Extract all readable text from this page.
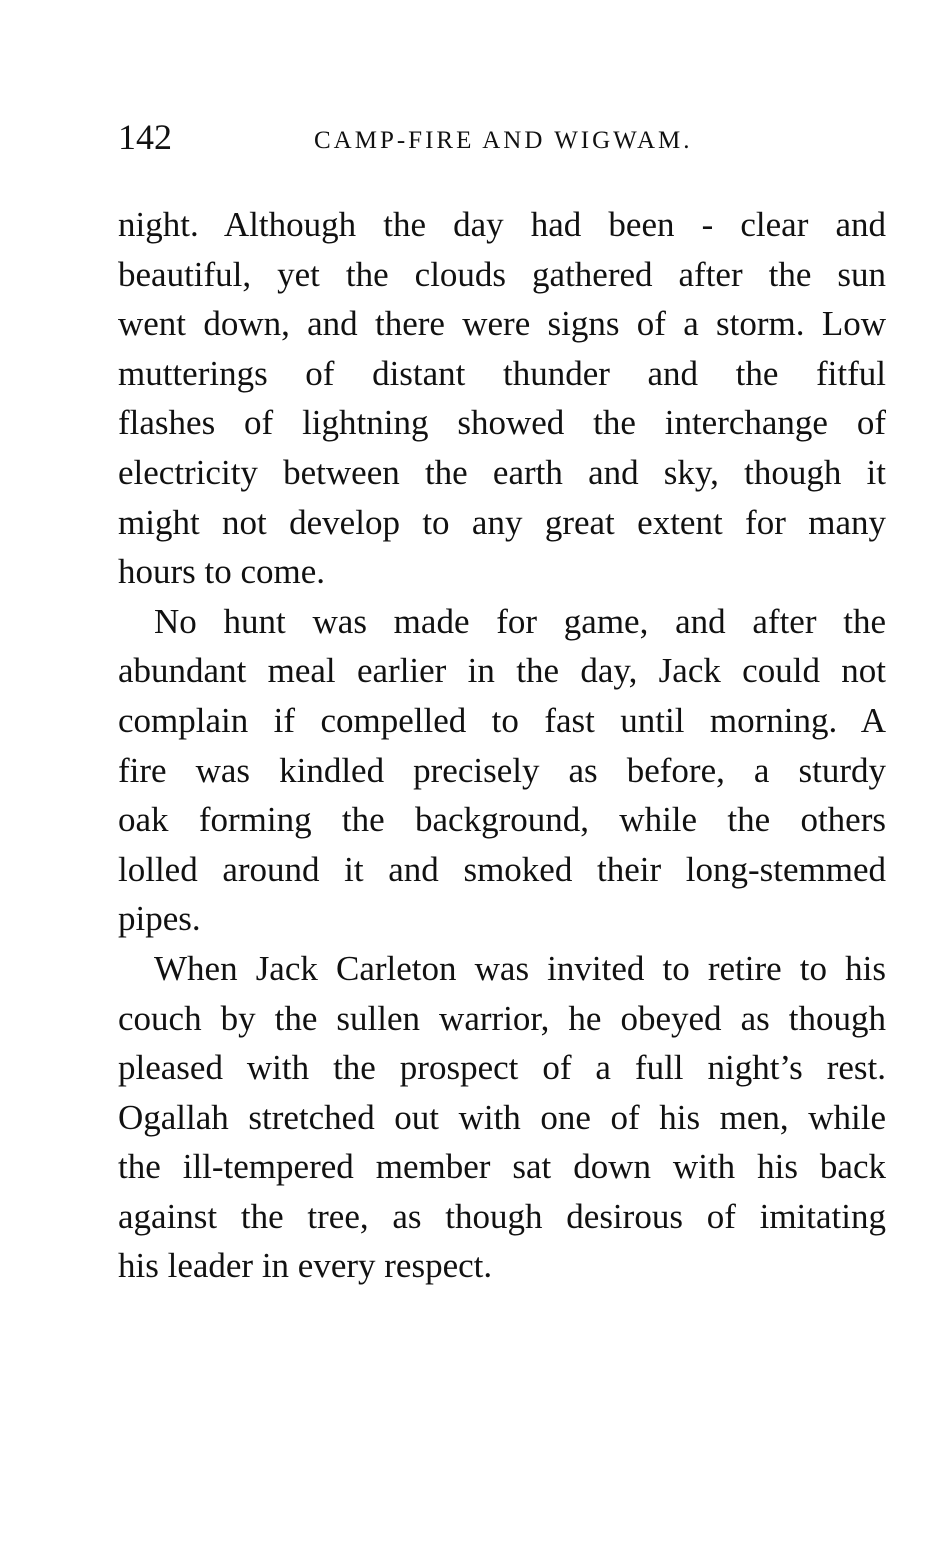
142	CAMP-FIRE AND WIGWAM.
night. Although the day had been - clear and
beautiful, yet the clouds gathered after the sun
went down, and there were signs of a storm. Low
mutterings of distant thunder and the fitful
flashes of lightning showed the interchange of
electricity between the earth and sky, though it
might not develop to any great extent for many
hours to come.
No hunt was made for game, and after the
abundant meal earlier in the day, Jack could not
complain if compelled to fast until morning. A
fire was kindled precisely as before, a sturdy
oak forming the background, while the others
lolled around it and smoked their long-stemmed
pipes.
When Jack Carleton was invited to retire to his
couch by the sullen warrior, he obeyed as though
pleased with the prospect of a full night’s rest.
Ogallah stretched out with one of his men, while
the ill-tempered member sat down with his back
against the tree, as though desirous of imitating
his leader in every respect.
